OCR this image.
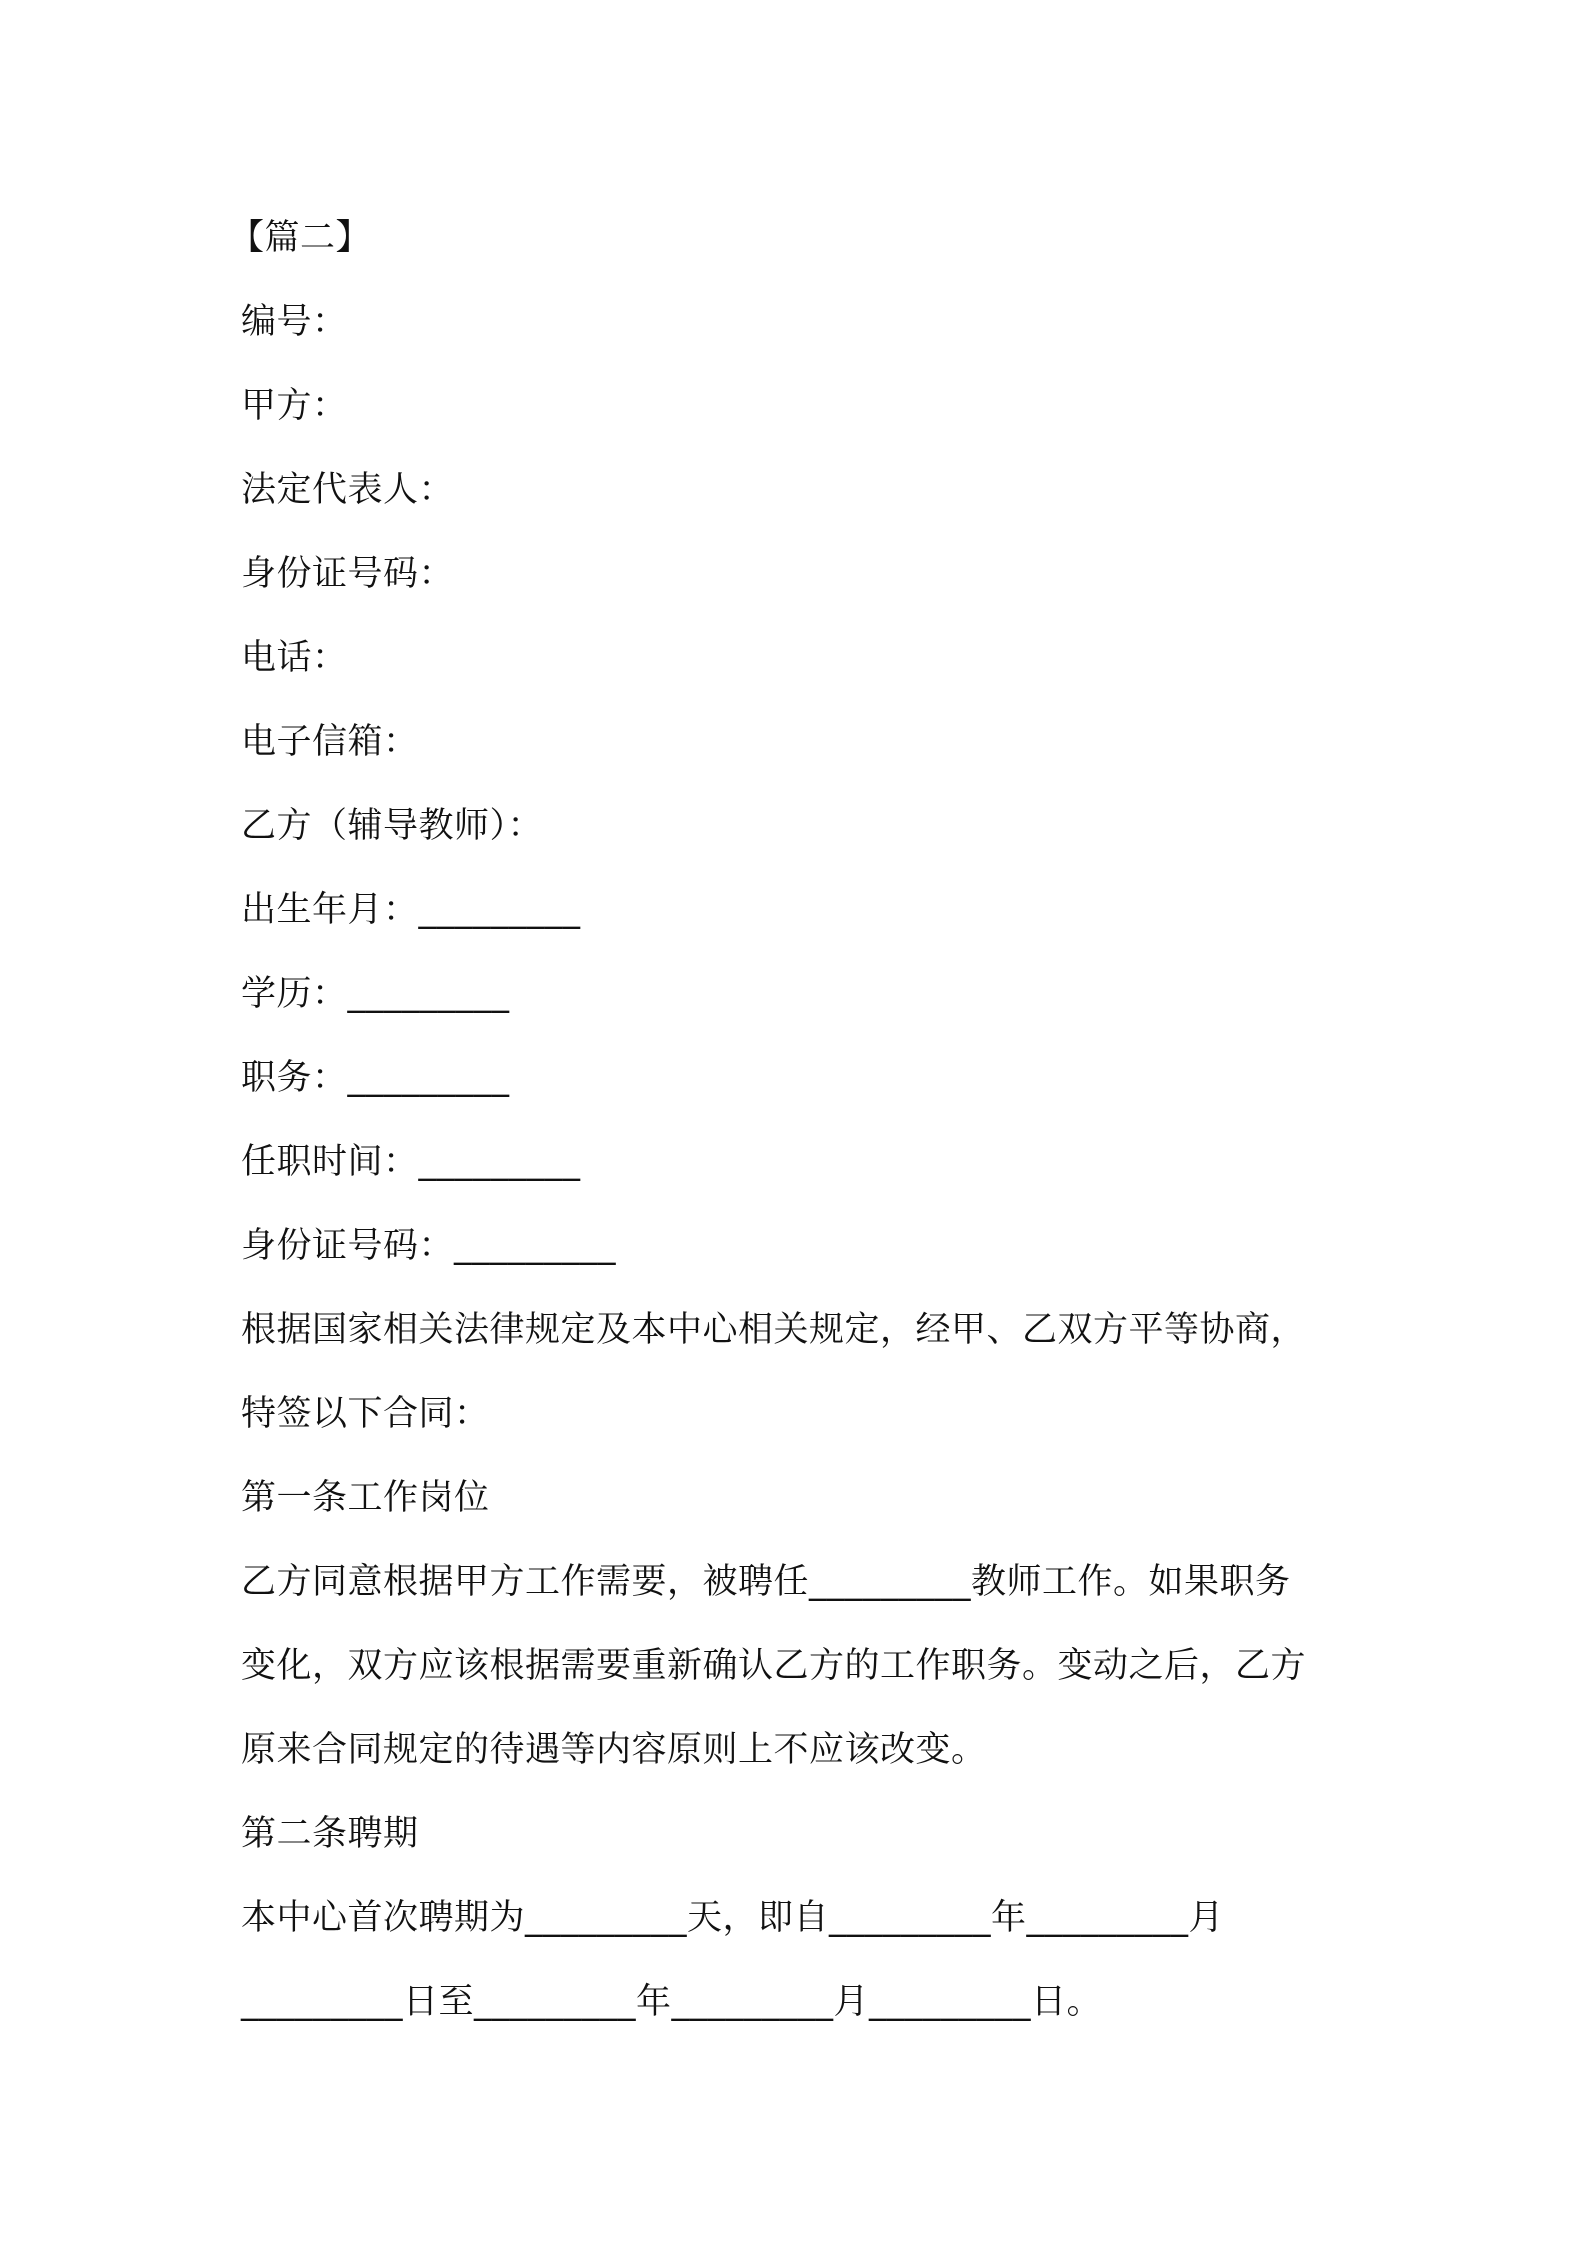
【篇二】
编号：
甲方：
法定代表人：
身份证号码：
电话：
电子信箱：
乙方（辅导教师）：
出生年月：_________
学历：_________
职务：_________
任职时间：_________
身份证号码：_________
根据国家相关法律规定及本中心相关规定，经甲、乙双方平等协商，
特签以下合同：
第一条工作岗位
乙方同意根据甲方工作需要，被聘任_________教师工作。如果职务
变化，双方应该根据需要重新确认乙方的工作职务。变动之后，乙方
原来合同规定的待遇等内容原则上不应该改变。
第二条聘期
本中心首次聘期为_________天，即自_________年_________月
_________日至_________年_________月_________日。
